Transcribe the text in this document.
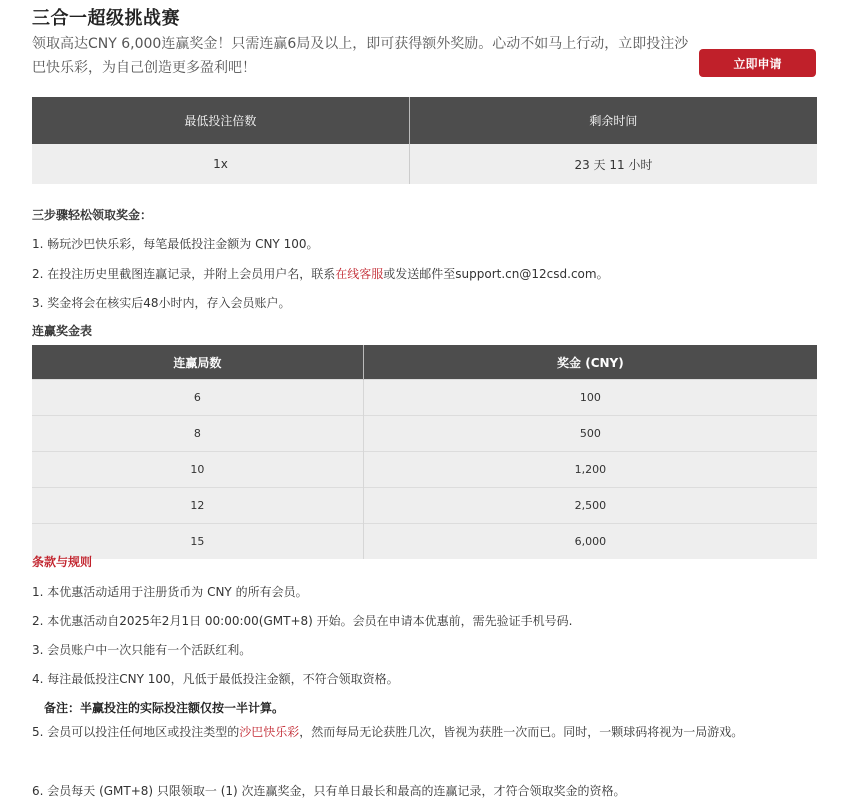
三合一超级挑战赛
领取高达CNY 6,000连赢奖金！只需连赢6局及以上，即可获得额外奖励。心动不如马上行动，立即投注沙巴快乐彩，为自己创造更多盈利吧！	立即申请
最低投注倍数	剩余时间
1x	23 天 11 小时
三步骤轻松领取奖金：
1. 畅玩沙巴快乐彩，每笔最低投注金额为 CNY 100。
2. 在投注历史里截图连赢记录，并附上会员用户名，联系在线客服或发送邮件至support.cn@12csd.com。
3. 奖金将会在核实后48小时内，存入会员账户。
连赢奖金表
连赢局数	奖金 (CNY)
6	100
8	500
10	1,200
12	2,500
15	6,000
条款与规则
1. 本优惠活动适用于注册货币为 CNY 的所有会员。
2. 本优惠活动自2025年2月1日 00:00:00(GMT+8) 开始。会员在申请本优惠前，需先验证手机号码.
3. 会员账户中一次只能有一个活跃红利。
4. 每注最低投注CNY 100，凡低于最低投注金额，不符合领取资格。
备注：半赢投注的实际投注额仅按一半计算。
5. 会员可以投注任何地区或投注类型的沙巴快乐彩，然而每局无论获胜几次，皆视为获胜一次而已。同时，一颗球码将视为一局游戏。
6. 会员每天 (GMT+8) 只限领取一 (1) 次连赢奖金，只有单日最长和最高的连赢记录，才符合领取奖金的资格。
